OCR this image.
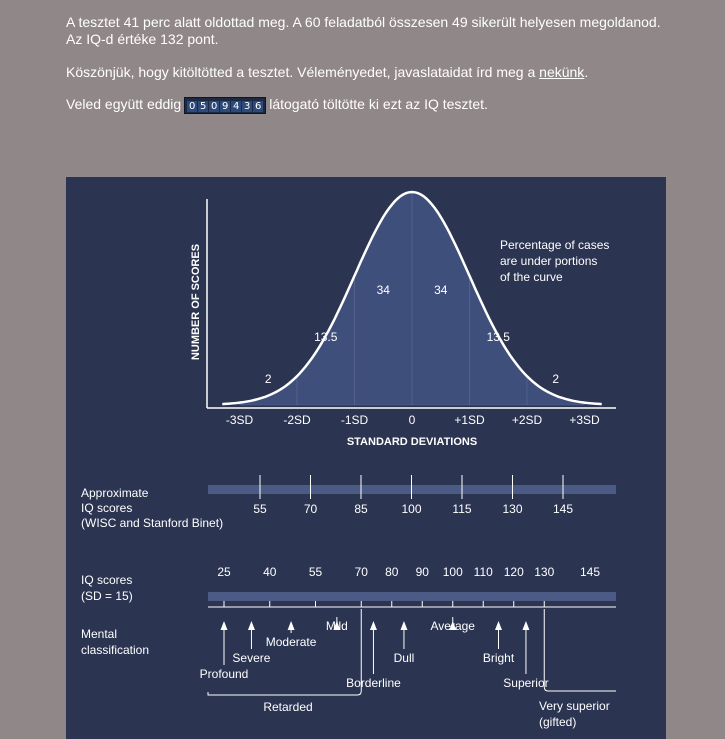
A tesztet 41 perc alatt oldottad meg. A 60 feladatból összesen 49 sikerült helyesen megoldanod.
Az IQ-d értéke 132 pont.
Köszönjük, hogy kitöltötted a tesztet. Véleményedet, javaslataidat írd meg a nekünk.
Veled együtt eddig 0 5 0 9 4 3 6 látogató töltötte ki ezt az IQ tesztet.
2
13.5
34	34
13.5
2
-3SD	-2SD	-1SD	0	+1SD +2SD +3SD
STANDARD DEVIATIONS
NUMBER OF SCORES	Percentage of cases
are under portions
of the curve
55	70	85	100	115	130	145
Approximate
IQ scores
(WISC and Stanford Binet)
25	40	55	70 80 90 100 110 120 130 145
IQ scores
(SD = 15)
Profound
Severe
Moderate
Mild
Borderline
Dull
Average
Bright
Superior
Mental
classification
Retarded	Very superior
(gifted)
